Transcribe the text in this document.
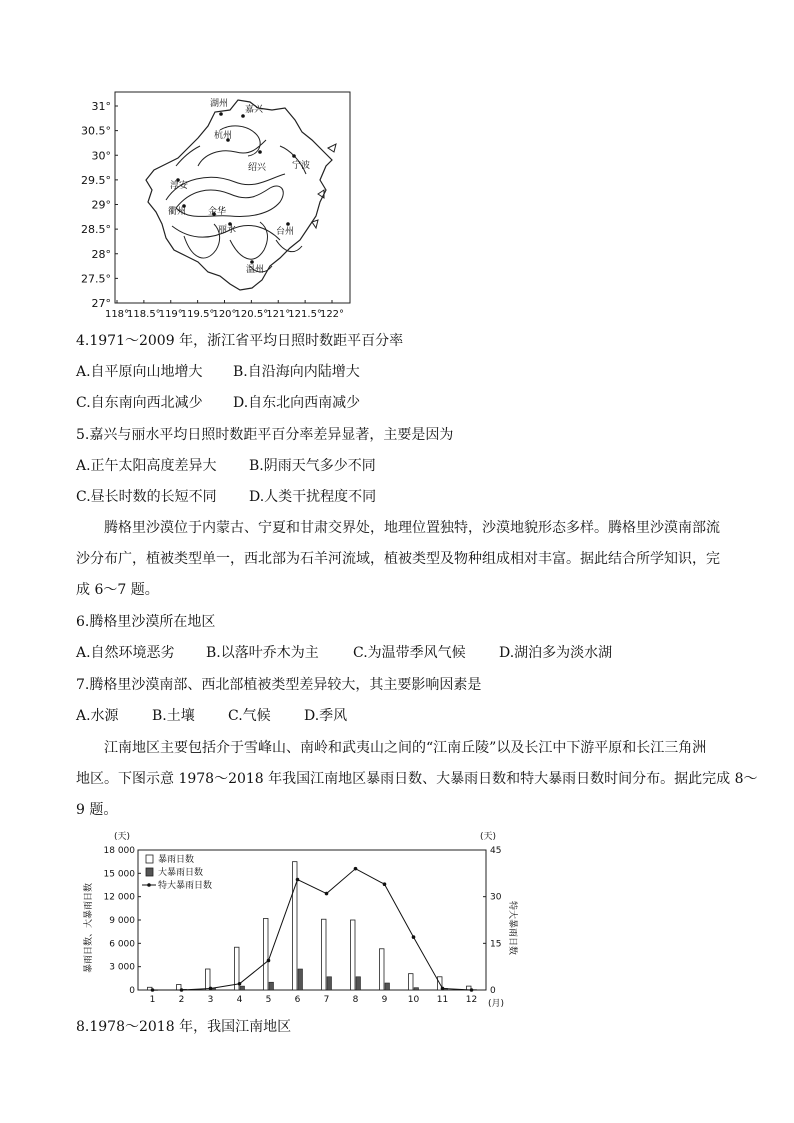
31°
30.5°
30°
29.5°
29°
28.5°
28°
27.5°
27°
118°
118.5°
119°
119.5°
120°
120.5°
121°
121.5°
122°
湖州
嘉兴
杭州
绍兴	宁波
淳安
衢州 金华
丽水	台州
温州
4.1971～2009 年，浙江省平均日照时数距平百分率
A.自平原向山地增大 B.自沿海向内陆增大
C.自东南向西北减少 D.自东北向西南减少
5.嘉兴与丽水平均日照时数距平百分率差异显著，主要是因为
A.正午太阳高度差异大 B.阴雨天气多少不同
C.昼长时数的长短不同 D.人类干扰程度不同
腾格里沙漠位于内蒙古、宁夏和甘肃交界处，地理位置独特，沙漠地貌形态多样。腾格里沙漠南部流
沙分布广，植被类型单一，西北部为石羊河流域，植被类型及物种组成相对丰富。据此结合所学知识，完
成 6～7 题。
6.腾格里沙漠所在地区
A.自然环境恶劣 B.以落叶乔木为主 C.为温带季风气候 D.湖泊多为淡水湖
7.腾格里沙漠南部、西北部植被类型差异较大，其主要影响因素是
A.水源 B.土壤 C.气候 D.季风
江南地区主要包括介于雪峰山、南岭和武夷山之间的“江南丘陵”以及长江中下游平原和长江三角洲
地区。下图示意 1978～2018 年我国江南地区暴雨日数、大暴雨日数和特大暴雨日数时间分布。据此完成 8～
9 题。
(天)	(天)
暴雨日数、大暴雨日数	特大暴雨日数
0
3 000
6 000
9 000
12 000
15 000
18 000
0
15
30
45
1	2	3	4	5	6	7	8	9 10 11 12 (月)
暴雨日数
大暴雨日数
特大暴雨日数
8.1978～2018 年，我国江南地区
